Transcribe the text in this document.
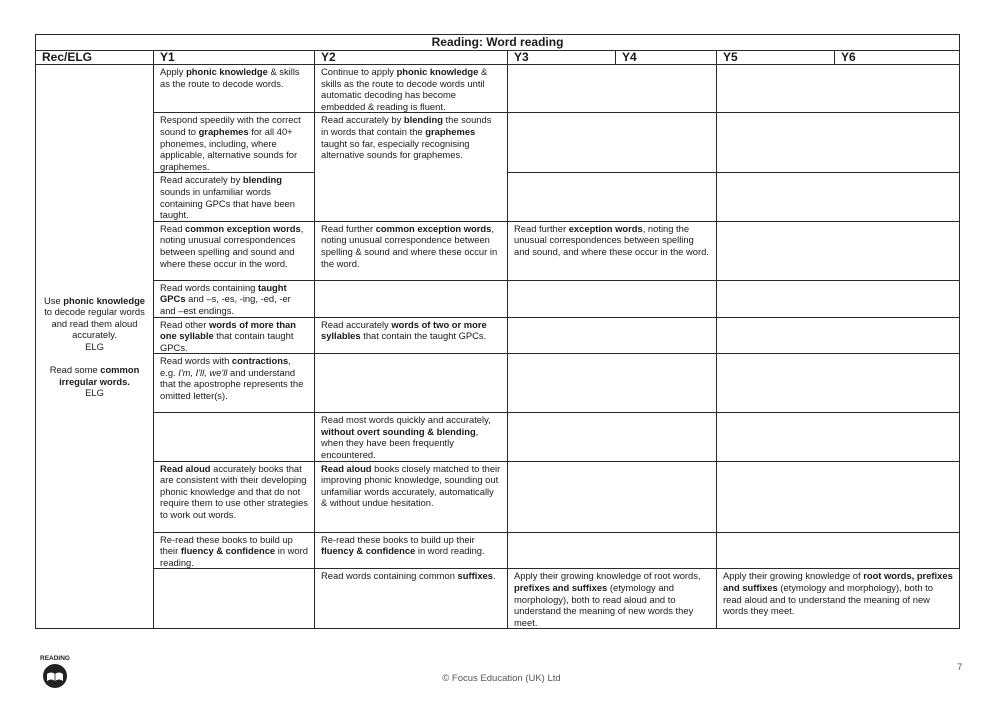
Reading: Word reading						
Rec/ELG	Y1	Y2	Y3	Y4	Y5	Y6

Use phonic knowledge to decode regular words and read them aloud accurately.
ELG
Read some common irregular words.
ELG	Apply phonic knowledge & skills as the route to decode words.	Continue to apply phonic knowledge & skills as the route to decode words until automatic decoding has become embedded & reading is fluent.				
	Respond speedily with the correct sound to graphemes for all 40+ phonemes, including, where applicable, alternative sounds for graphemes.	Read accurately by blending the sounds in words that contain the graphemes taught so far, especially recognising alternative sounds for graphemes.				
	Read accurately by blending sounds in unfamiliar words containing GPCs that have been taught.					
	Read common exception words, noting unusual correspondences between spelling and sound and where these occur in the word.	Read further common exception words, noting unusual correspondence between spelling & sound and where these occur in the word.	Read further exception words, noting the unusual correspondences between spelling and sound, and where these occur in the word.			
	Read words containing taught GPCs and –s, -es, -ing, -ed, -er and –est endings.					
	Read other words of more than one syllable that contain taught GPCs.	Read accurately words of two or more syllables that contain the taught GPCs.				
	Read words with contractions, e.g. I'm, I'll, we'll and understand that the apostrophe represents the omitted letter(s).					
		Read most words quickly and accurately, without overt sounding & blending, when they have been frequently encountered.				
	Read aloud accurately books that are consistent with their developing phonic knowledge and that do not require them to use other strategies to work out words.	Read aloud books closely matched to their improving phonic knowledge, sounding out unfamiliar words accurately, automatically & without undue hesitation.				
	Re-read these books to build up their fluency & confidence in word reading.	Re-read these books to build up their fluency & confidence in word reading.				
		Read words containing common suffixes.	Apply their growing knowledge of root words, prefixes and suffixes (etymology and morphology), both to read aloud and to understand the meaning of new words they meet.		Apply their growing knowledge of root words, prefixes and suffixes (etymology and morphology), both to read aloud and to understand the meaning of new words they meet.	
READING
7
© Focus Education (UK) Ltd
